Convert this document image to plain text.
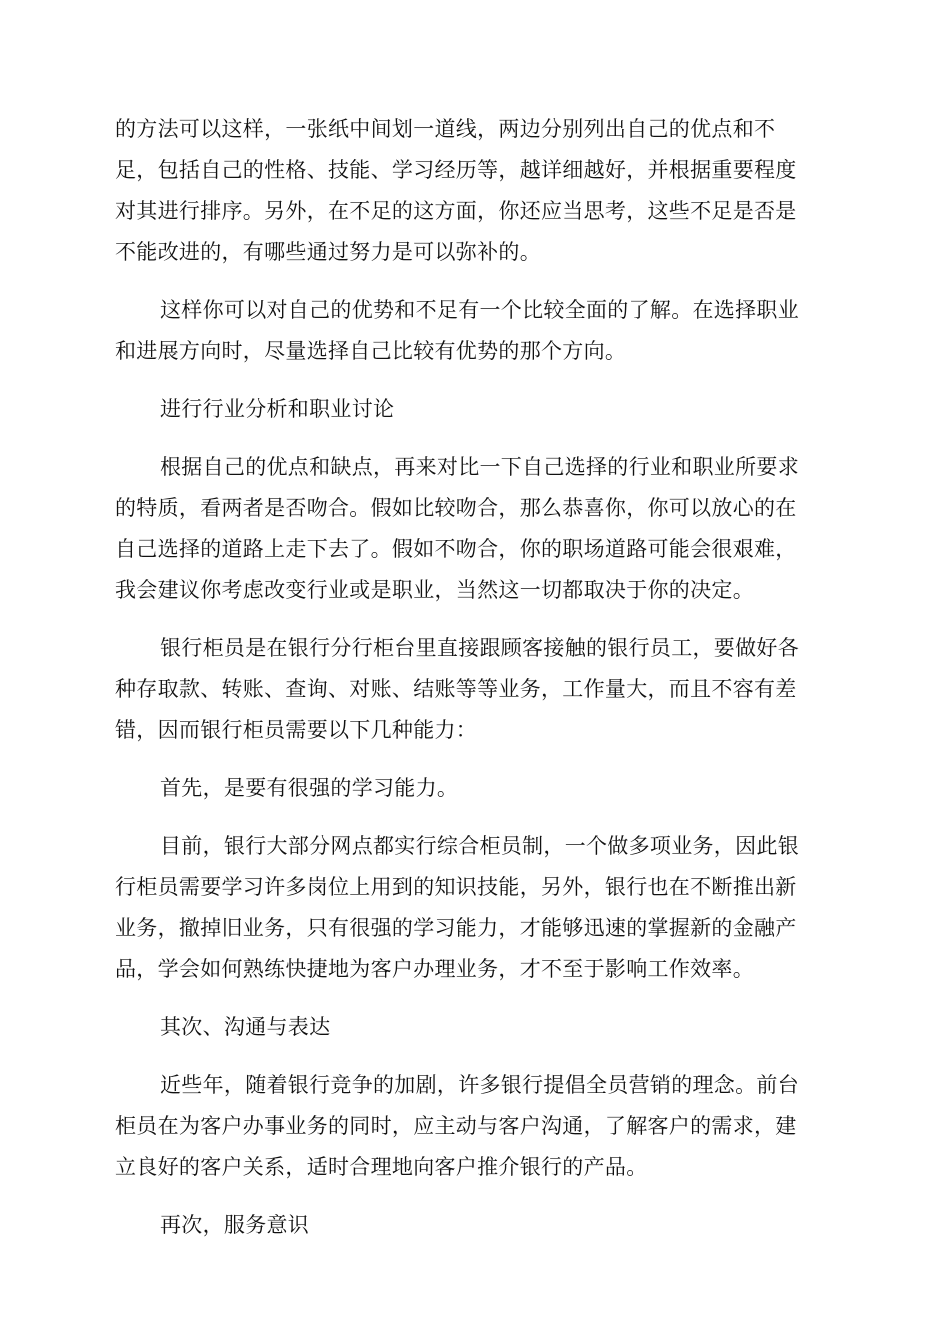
的方法可以这样，一张纸中间划一道线，两边分别列出自己的优点和不
足，包括自己的性格、技能、学习经历等，越详细越好，并根据重要程度
对其进行排序。另外，在不足的这方面，你还应当思考，这些不足是否是
不能改进的，有哪些通过努力是可以弥补的。

这样你可以对自己的优势和不足有一个比较全面的了解。在选择职业
和进展方向时，尽量选择自己比较有优势的那个方向。

进行行业分析和职业讨论

根据自己的优点和缺点，再来对比一下自己选择的行业和职业所要求
的特质，看两者是否吻合。假如比较吻合，那么恭喜你，你可以放心的在
自己选择的道路上走下去了。假如不吻合，你的职场道路可能会很艰难，
我会建议你考虑改变行业或是职业，当然这一切都取决于你的决定。

银行柜员是在银行分行柜台里直接跟顾客接触的银行员工，要做好各
种存取款、转账、查询、对账、结账等等业务，工作量大，而且不容有差
错，因而银行柜员需要以下几种能力：

首先，是要有很强的学习能力。

目前，银行大部分网点都实行综合柜员制，一个做多项业务，因此银
行柜员需要学习许多岗位上用到的知识技能，另外，银行也在不断推出新
业务，撤掉旧业务，只有很强的学习能力，才能够迅速的掌握新的金融产
品，学会如何熟练快捷地为客户办理业务，才不至于影响工作效率。

其次、沟通与表达

近些年，随着银行竞争的加剧，许多银行提倡全员营销的理念。前台
柜员在为客户办事业务的同时，应主动与客户沟通，了解客户的需求，建
立良好的客户关系，适时合理地向客户推介银行的产品。

再次，服务意识
